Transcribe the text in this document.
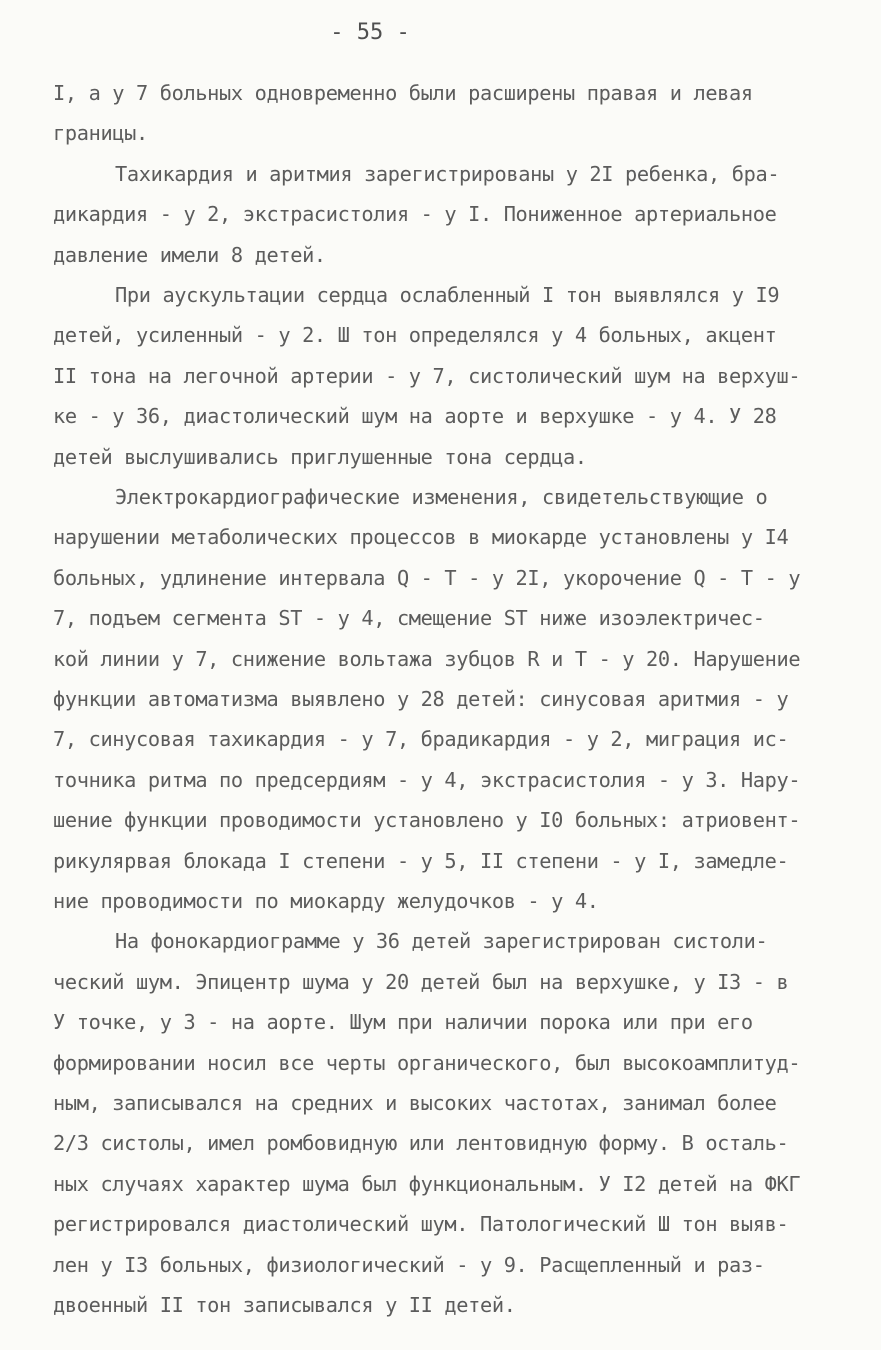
- 55 -
I, а у 7 больных одновременно были расширены правая и левая
границы.
Тахикардия и аритмия зарегистрированы у 2I ребенка, бра-
дикардия - у 2, экстрасистолия - у I. Пониженное артериальное
давление имели 8 детей.
При аускультации сердца ослабленный I тон выявлялся у I9
детей, усиленный - у 2. Ш тон определялся у 4 больных, акцент
II тона на легочной артерии - у 7, систолический шум на верхуш-
ке - у 36, диастолический шум на аорте и верхушке - у 4. У 28
детей выслушивались приглушенные тона сердца.
Электрокардиографические изменения, свидетельствующие о
нарушении метаболических процессов в миокарде установлены у I4
больных, удлинение интервала Q - T - у 2I, укорочение Q - T - у
7, подъем сегмента ST - у 4, смещение ST ниже изоэлектричес-
кой линии у 7, снижение вольтажа зубцов R и T - у 20. Нарушение
функции автоматизма выявлено у 28 детей: синусовая аритмия - у
7, синусовая тахикардия - у 7, брадикардия - у 2, миграция ис-
точника ритма по предсердиям - у 4, экстрасистолия - у 3. Нару-
шение функции проводимости установлено у I0 больных: атриовент-
рикулярвая блокада I степени - у 5, II степени - у I, замедле-
ние проводимости по миокарду желудочков - у 4.
На фонокардиограмме у 36 детей зарегистрирован систоли-
ческий шум. Эпицентр шума у 20 детей был на верхушке, у I3 - в
У точке, у 3 - на аорте. Шум при наличии порока или при его
формировании носил все черты органического, был высокоамплитуд-
ным, записывался на средних и высоких частотах, занимал более
2/3 систолы, имел ромбовидную или лентовидную форму. В осталь-
ных случаях характер шума был функциональным. У I2 детей на ФКГ
регистрировался диастолический шум. Патологический Ш тон выяв-
лен у I3 больных, физиологический - у 9. Расщепленный и раз-
двоенный II тон записывался у II детей.
